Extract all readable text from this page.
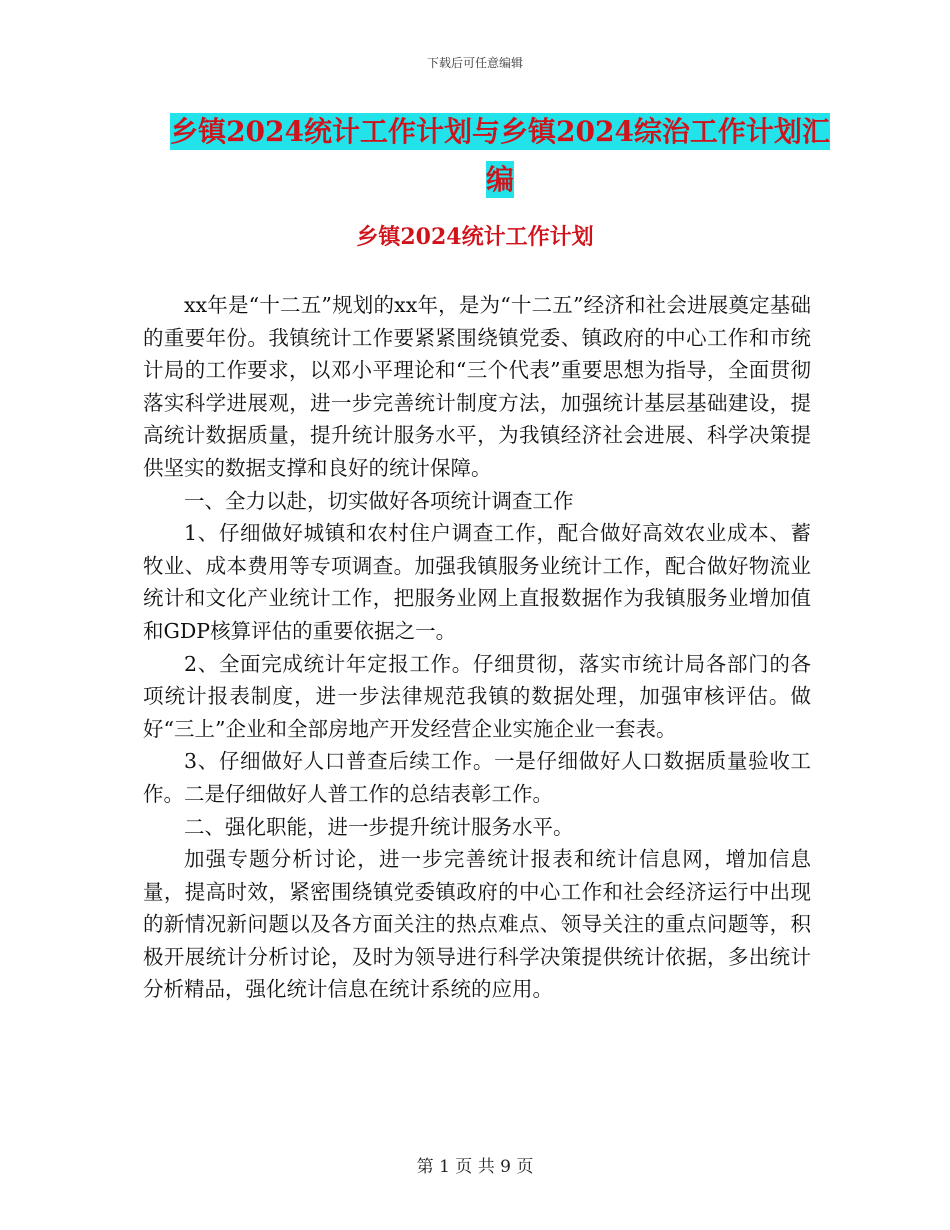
下载后可任意编辑
乡镇2024统计工作计划与乡镇2024综治工作计划汇
编
乡镇2024统计工作计划

xx年是“十二五”规划的xx年，是为“十二五”经济和社会进展奠定基础的重要年份。我镇统计工作要紧紧围绕镇党委、镇政府的中心工作和市统计局的工作要求，以邓小平理论和“三个代表”重要思想为指导，全面贯彻落实科学进展观，进一步完善统计制度方法，加强统计基层基础建设，提高统计数据质量，提升统计服务水平，为我镇经济社会进展、科学决策提供坚实的数据支撑和良好的统计保障。

一、全力以赴，切实做好各项统计调查工作

1、仔细做好城镇和农村住户调查工作，配合做好高效农业成本、蓄牧业、成本费用等专项调查。加强我镇服务业统计工作，配合做好物流业统计和文化产业统计工作，把服务业网上直报数据作为我镇服务业增加值和GDP核算评估的重要依据之一。

2、全面完成统计年定报工作。仔细贯彻，落实市统计局各部门的各项统计报表制度，进一步法律规范我镇的数据处理，加强审核评估。做好“三上”企业和全部房地产开发经营企业实施企业一套表。

3、仔细做好人口普查后续工作。一是仔细做好人口数据质量验收工作。二是仔细做好人普工作的总结表彰工作。

二、强化职能，进一步提升统计服务水平。

加强专题分析讨论，进一步完善统计报表和统计信息网，增加信息量，提高时效，紧密围绕镇党委镇政府的中心工作和社会经济运行中出现的新情况新问题以及各方面关注的热点难点、领导关注的重点问题等，积极开展统计分析讨论，及时为领导进行科学决策提供统计依据，多出统计分析精品，强化统计信息在统计系统的应用。

第 1 页 共 9 页
